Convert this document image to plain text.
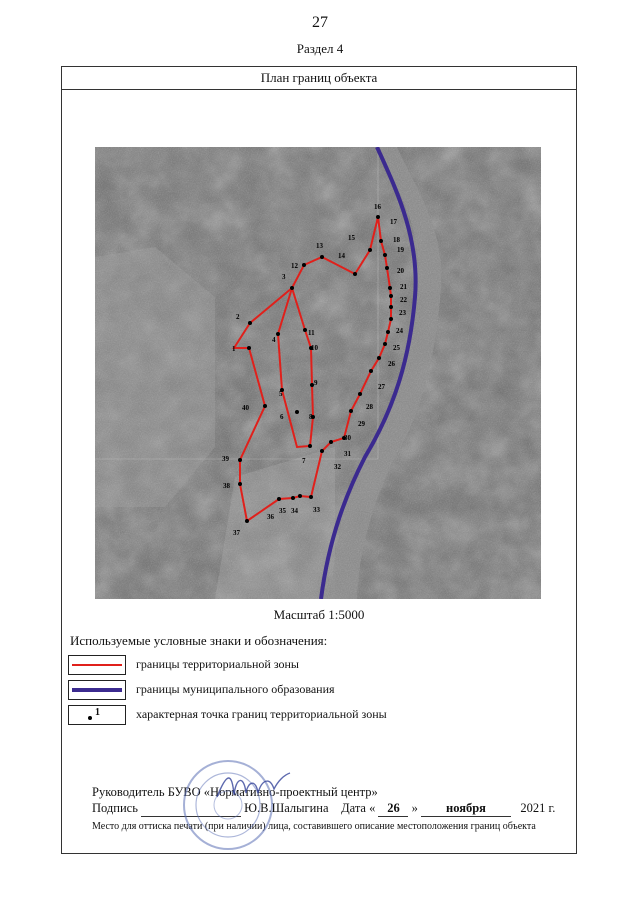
27
Раздел 4
План границ объекта
1
2
3
4
5
6
7
8
9
10
11
12
13
14
15
16
17
18
19
20
21
22
23
24
25
26
27
28
29
30
31
32
33
34
35
36
37
38
39
40
Масштаб 1:5000
Используемые условные знаки и обозначения:
границы территориальной зоны
границы муниципального образования
1	характерная точка границ территориальной зоны
Руководитель БУВО «Нормативно-проектный центр»
Подпись	Ю.В.Шалыгина Дата « 26 » ноября	2021 г.
Место для оттиска печати (при наличии) лица, составившего описание местоположения границ объекта
